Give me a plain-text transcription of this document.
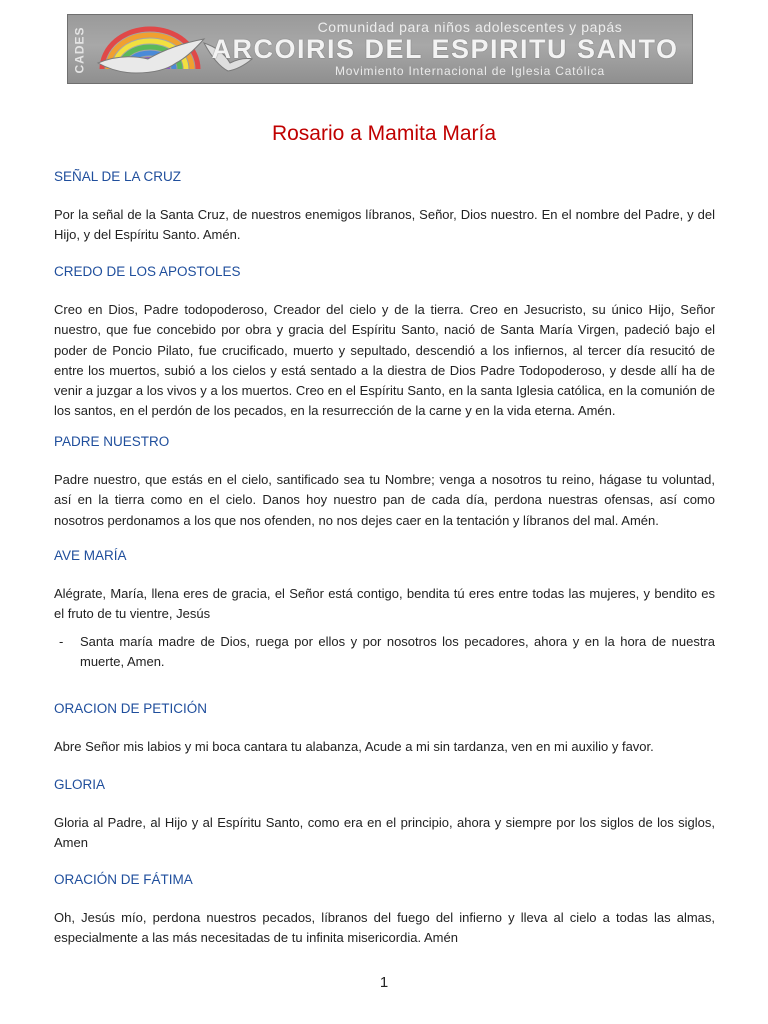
CADES	Comunidad para niños adolescentes y papás
ARCOIRIS DEL ESPIRITU SANTO
Movimiento Internacional de Iglesia Católica
Rosario a Mamita María
SEÑAL DE LA CRUZ

Por la señal de la Santa Cruz, de nuestros enemigos líbranos, Señor, Dios nuestro. En el nombre del Padre, y del Hijo, y del Espíritu Santo. Amén.

CREDO DE LOS APOSTOLES

Creo en Dios, Padre todopoderoso, Creador del cielo y de la tierra. Creo en Jesucristo, su único Hijo, Señor nuestro, que fue concebido por obra y gracia del Espíritu Santo, nació de Santa María Virgen, padeció bajo el poder de Poncio Pilato, fue crucificado, muerto y sepultado, descendió a los infiernos, al tercer día resucitó de entre los muertos, subió a los cielos y está sentado a la diestra de Dios Padre Todopoderoso, y desde allí ha de venir a juzgar a los vivos y a los muertos. Creo en el Espíritu Santo, en la santa Iglesia católica, en la comunión de los santos, en el perdón de los pecados, en la resurrección de la carne y en la vida eterna. Amén.

PADRE NUESTRO

Padre nuestro, que estás en el cielo, santificado sea tu Nombre; venga a nosotros tu reino, hágase tu voluntad, así en la tierra como en el cielo. Danos hoy nuestro pan de cada día, perdona nuestras ofensas, así como nosotros perdonamos a los que nos ofenden, no nos dejes caer en la tentación y líbranos del mal. Amén.

AVE MARÍA

Alégrate, María, llena eres de gracia, el Señor está contigo, bendita tú eres entre todas las mujeres, y bendito es el fruto de tu vientre, Jesús

- Santa maría madre de Dios, ruega por ellos y por nosotros los pecadores, ahora y en la hora de nuestra muerte, Amen.
ORACION DE PETICIÓN

Abre Señor mis labios y mi boca cantara tu alabanza, Acude a mi sin tardanza, ven en mi auxilio y favor.

GLORIA

Gloria al Padre, al Hijo y al Espíritu Santo, como era en el principio, ahora y siempre por los siglos de los siglos, Amen

ORACIÓN DE FÁTIMA

Oh, Jesús mío, perdona nuestros pecados, líbranos del fuego del infierno y lleva al cielo a todas las almas, especialmente a las más necesitadas de tu infinita misericordia. Amén

1
